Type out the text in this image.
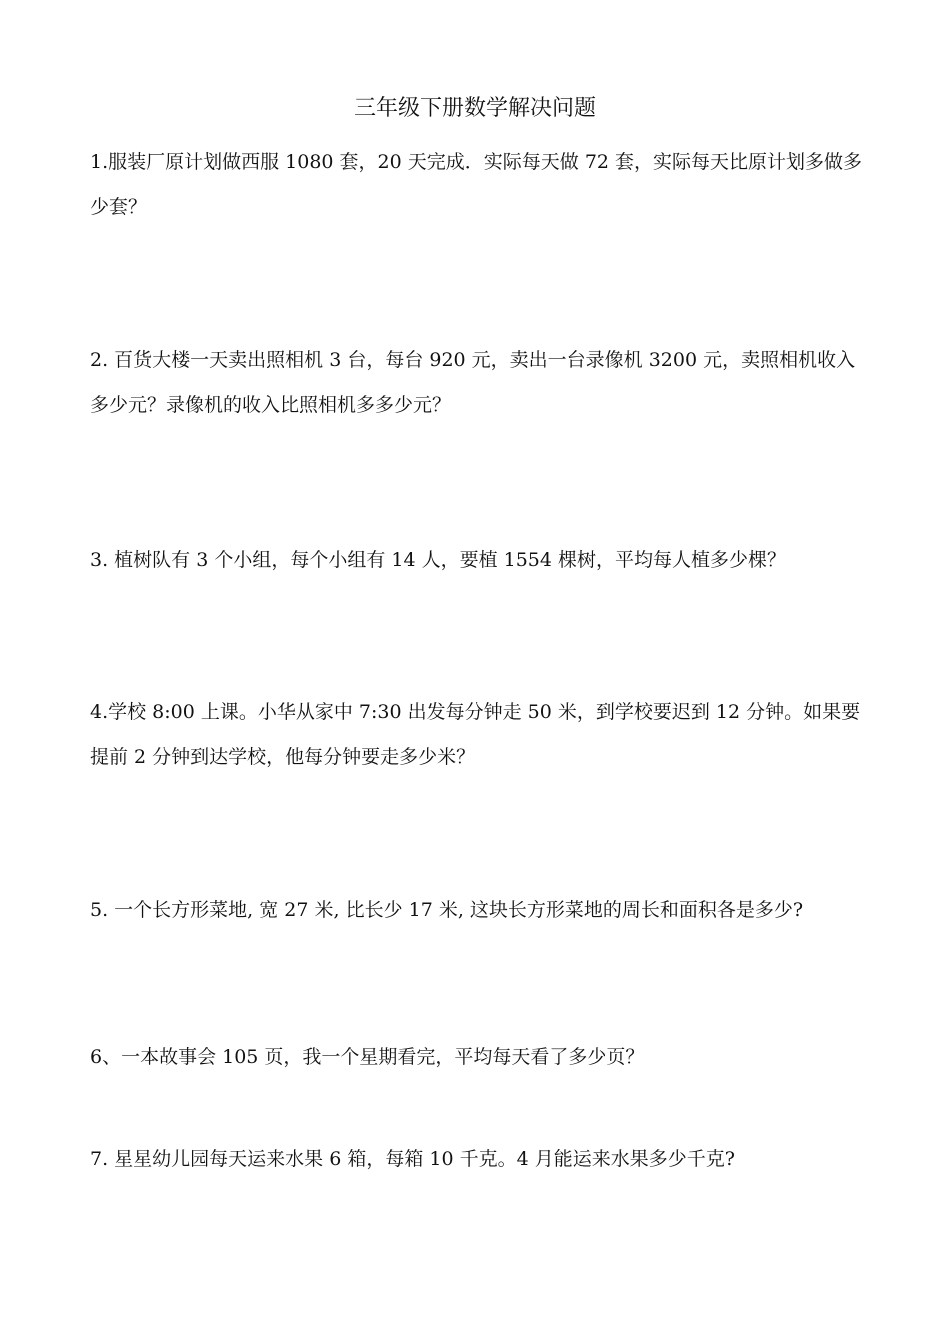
三年级下册数学解决问题

1.服装厂原计划做西服 1080 套，20 天完成．实际每天做 72 套，实际每天比原计划多做多少套？

2. 百货大楼一天卖出照相机 3 台，每台 920 元，卖出一台录像机 3200 元，卖照相机收入多少元？录像机的收入比照相机多多少元？

3. 植树队有 3 个小组，每个小组有 14 人，要植 1554 棵树，平均每人植多少棵？

4.学校 8:00 上课。小华从家中 7:30 出发每分钟走 50 米，到学校要迟到 12 分钟。如果要提前 2 分钟到达学校，他每分钟要走多少米？

5. 一个长方形菜地, 宽 27 米, 比长少 17 米, 这块长方形菜地的周长和面积各是多少?

6、一本故事会 105 页，我一个星期看完，平均每天看了多少页？

7. 星星幼儿园每天运来水果 6 箱，每箱 10 千克。4 月能运来水果多少千克?
